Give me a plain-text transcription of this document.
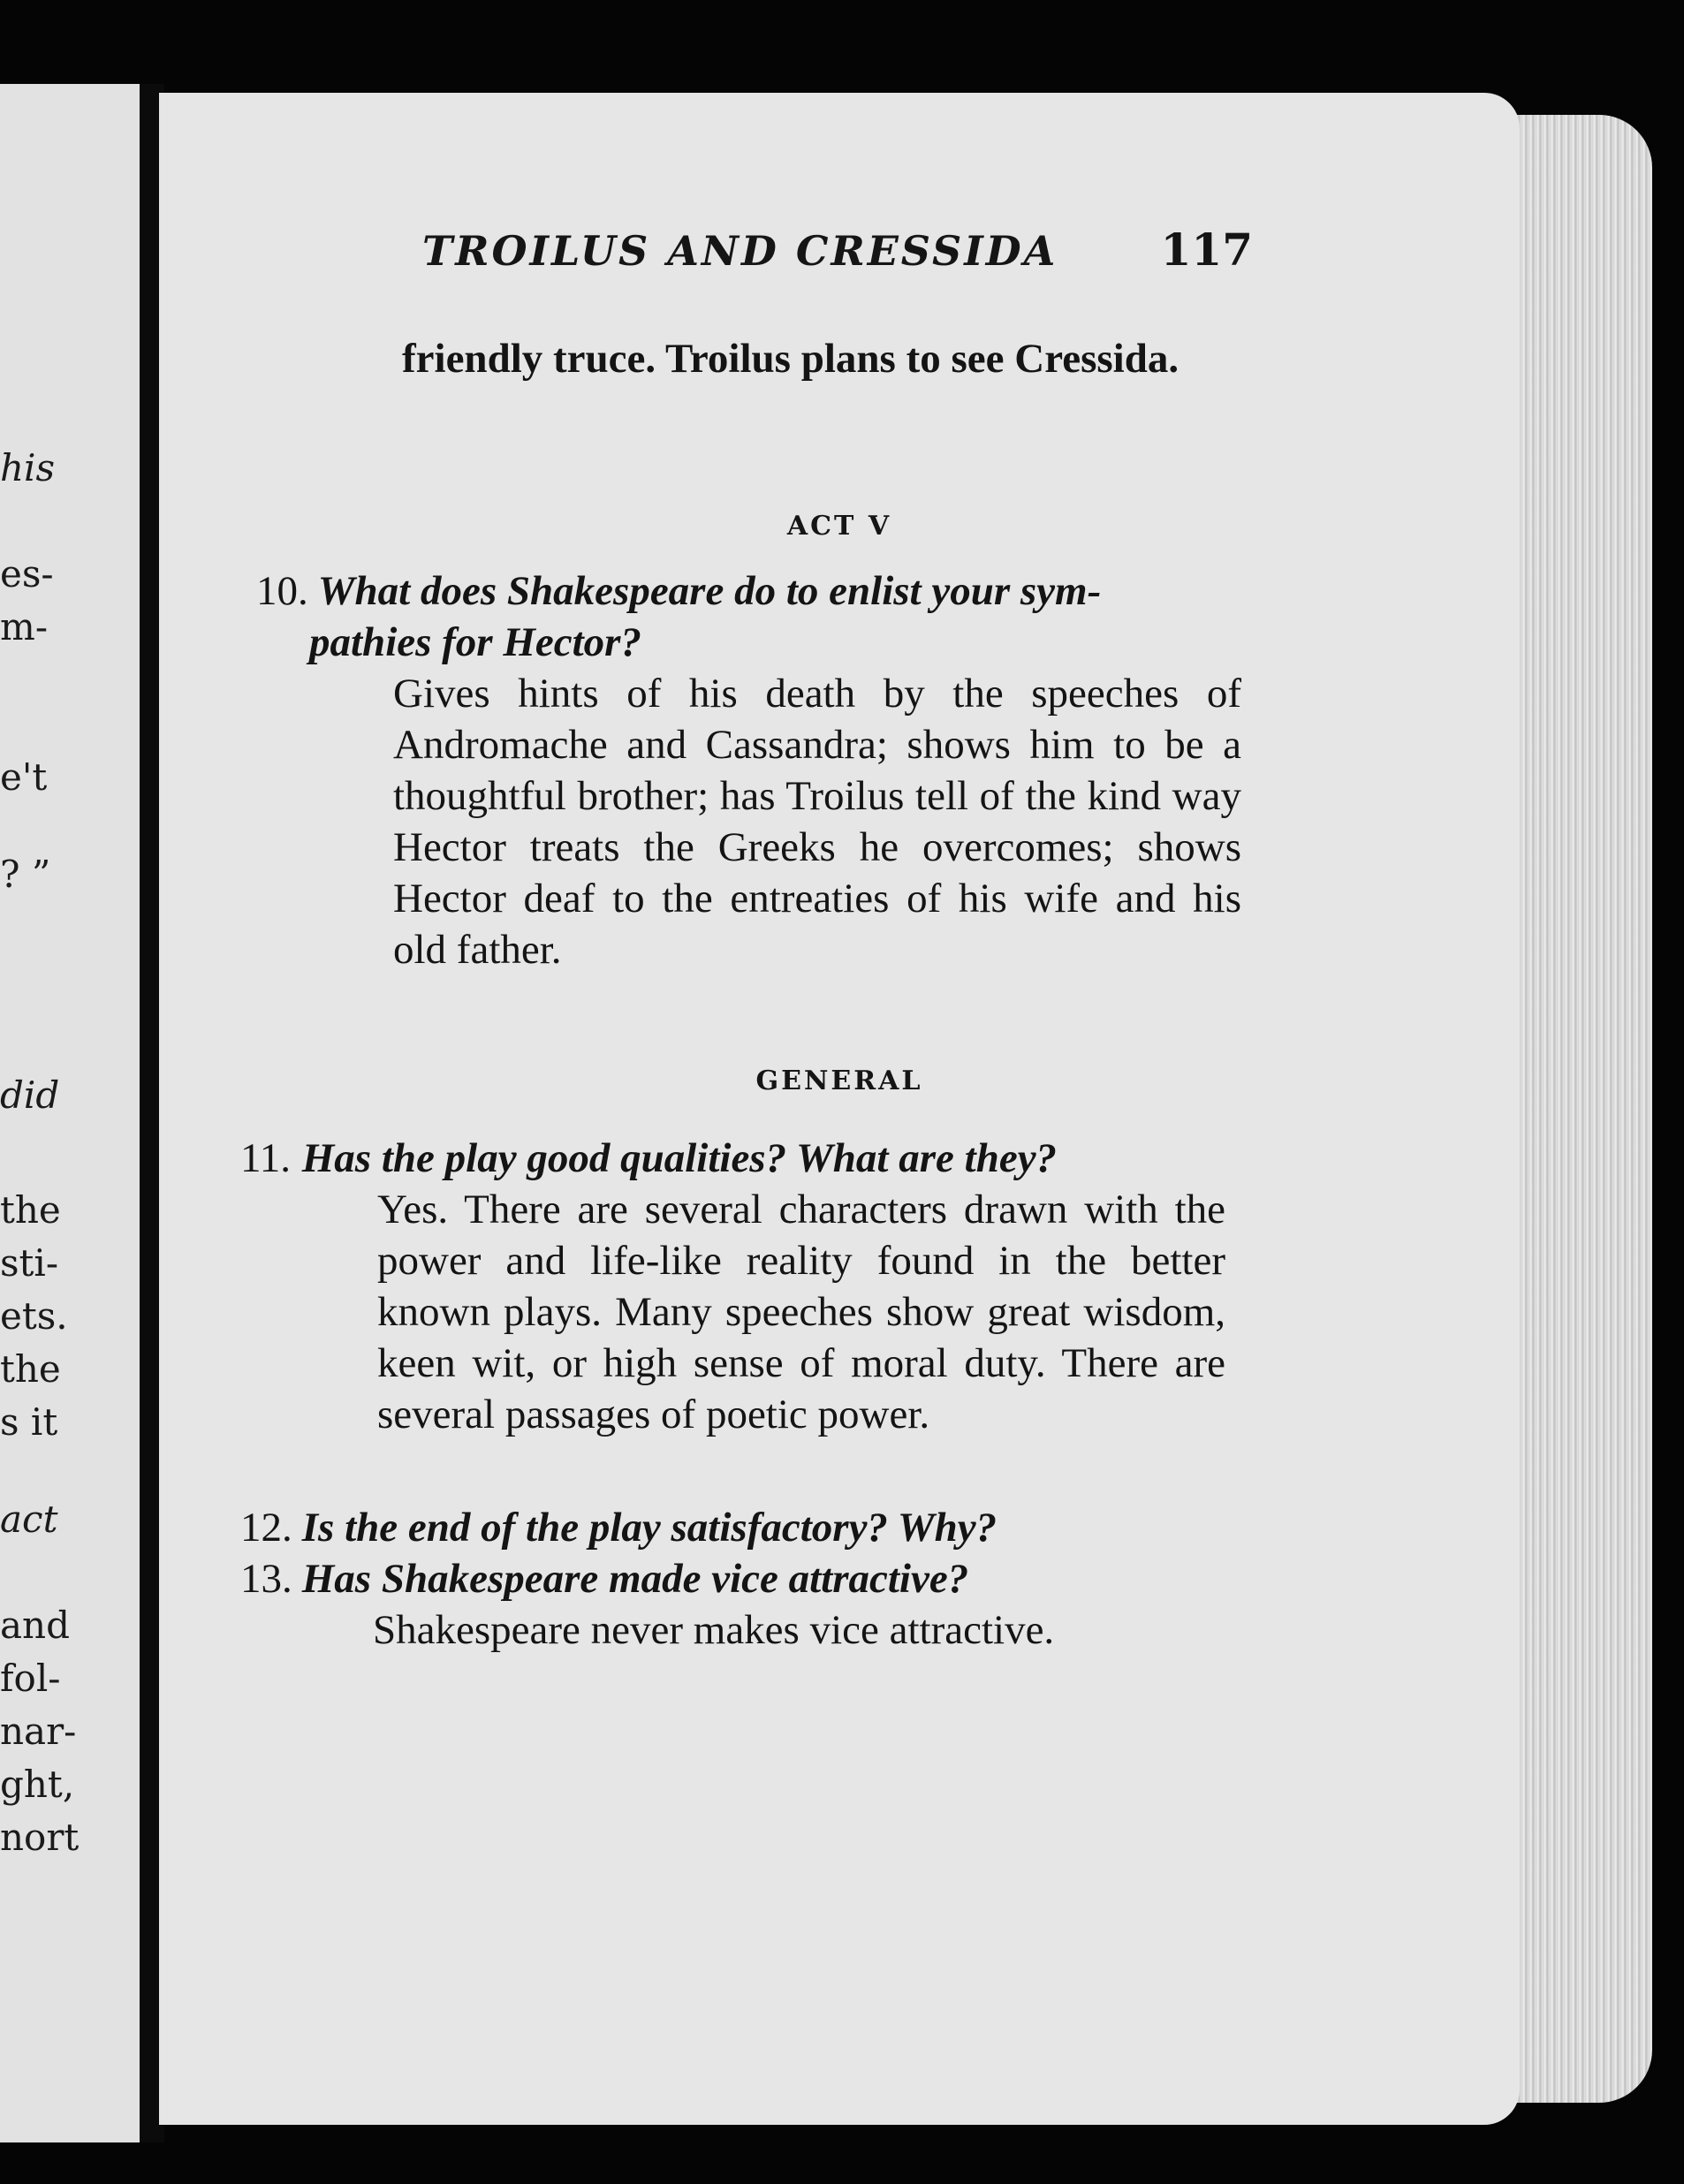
his
es-
m-
e't
? ”
did
the
sti-
ets.
the
s it
act
and
fol-
nar-
ght,
nort
TROILUS AND CRESSIDA 117
friendly truce. Troilus plans to see Cressida.
ACT V
10. What does Shakespeare do to enlist your sym-
pathies for Hector?
Gives hints of his death by the speeches of Andromache and Cassandra; shows him to be a thoughtful brother; has Troilus tell of the kind way Hector treats the Greeks he overcomes; shows Hector deaf to the entreaties of his wife and his old father.
GENERAL
11. Has the play good qualities? What are they?
Yes. There are several characters drawn with the power and life-like reality found in the better known plays. Many speeches show great wisdom, keen wit, or high sense of moral duty. There are several passages of poetic power.
12. Is the end of the play satisfactory? Why?
13. Has Shakespeare made vice attractive?
Shakespeare never makes vice attractive.
